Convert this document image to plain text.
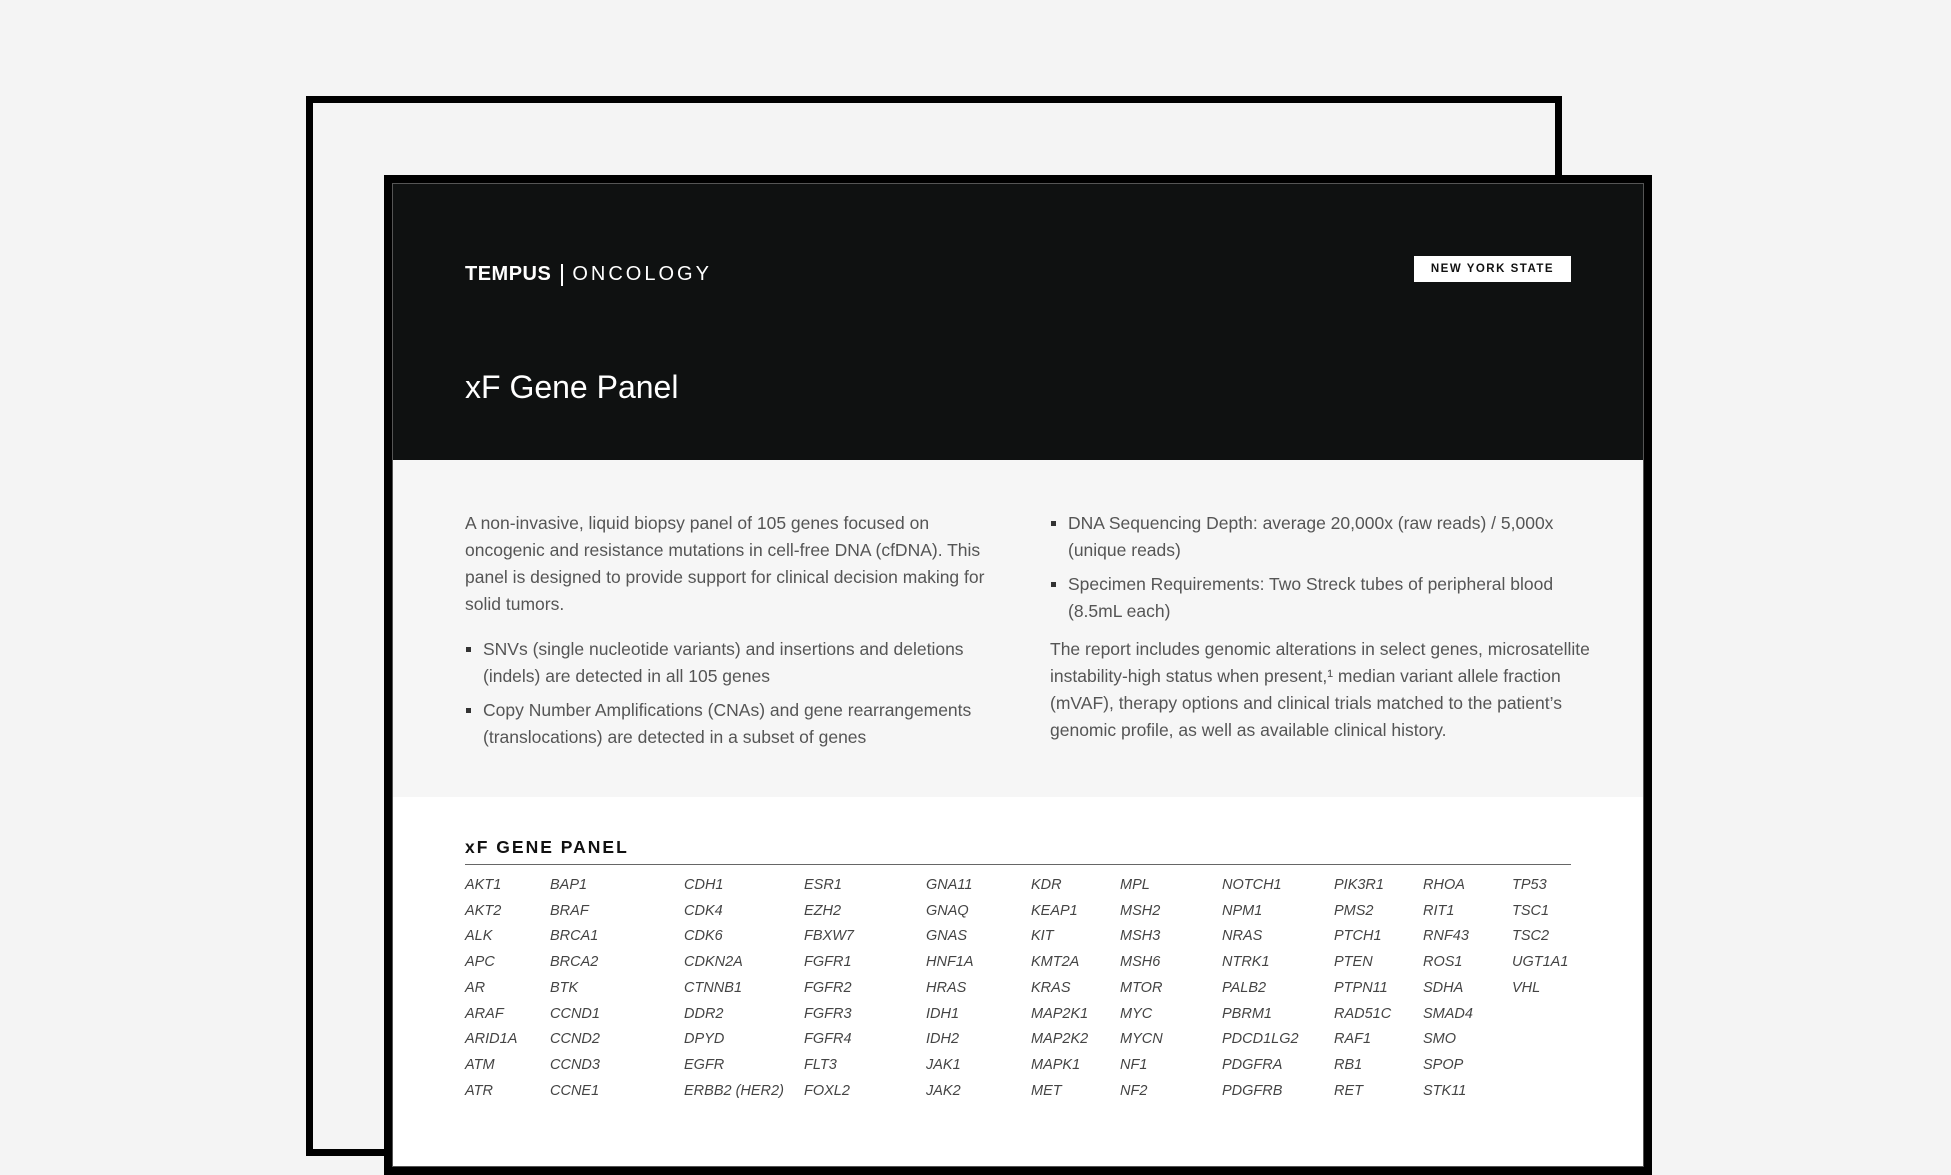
TEMPUS ONCOLOGY	NEW YORK STATE
xF Gene Panel

A non-invasive, liquid biopsy panel of 105 genes focused on oncogenic and resistance mutations in cell-free DNA (cfDNA). This panel is designed to provide support for clinical decision making for solid tumors.

SNVs (single nucleotide variants) and insertions and deletions (indels) are detected in all 105 genes
Copy Number Amplifications (CNAs) and gene rearrangements (translocations) are detected in a subset of genes
DNA Sequencing Depth: average 20,000x (raw reads) / 5,000x (unique reads)
Specimen Requirements: Two Streck tubes of peripheral blood (8.5mL each)

The report includes genomic alterations in select genes, microsatellite instability-high status when present,¹ median variant allele fraction (mVAF), therapy options and clinical trials matched to the patient’s genomic profile, as well as available clinical history.

xF GENE PANEL
AKT1
AKT2
ALK
APC
AR
ARAF
ARID1A
ATM
ATR
BAP1
BRAF
BRCA1
BRCA2
BTK
CCND1
CCND2
CCND3
CCNE1
CDH1
CDK4
CDK6
CDKN2A
CTNNB1
DDR2
DPYD
EGFR
ERBB2 (HER2)
ESR1
EZH2
FBXW7
FGFR1
FGFR2
FGFR3
FGFR4
FLT3
FOXL2
GNA11
GNAQ
GNAS
HNF1A
HRAS
IDH1
IDH2
JAK1
JAK2
KDR
KEAP1
KIT
KMT2A
KRAS
MAP2K1
MAP2K2
MAPK1
MET
MPL
MSH2
MSH3
MSH6
MTOR
MYC
MYCN
NF1
NF2
NOTCH1
NPM1
NRAS
NTRK1
PALB2
PBRM1
PDCD1LG2
PDGFRA
PDGFRB
PIK3R1
PMS2
PTCH1
PTEN
PTPN11
RAD51C
RAF1
RB1
RET
RHOA
RIT1
RNF43
ROS1
SDHA
SMAD4
SMO
SPOP
STK11
TP53
TSC1
TSC2
UGT1A1
VHL
